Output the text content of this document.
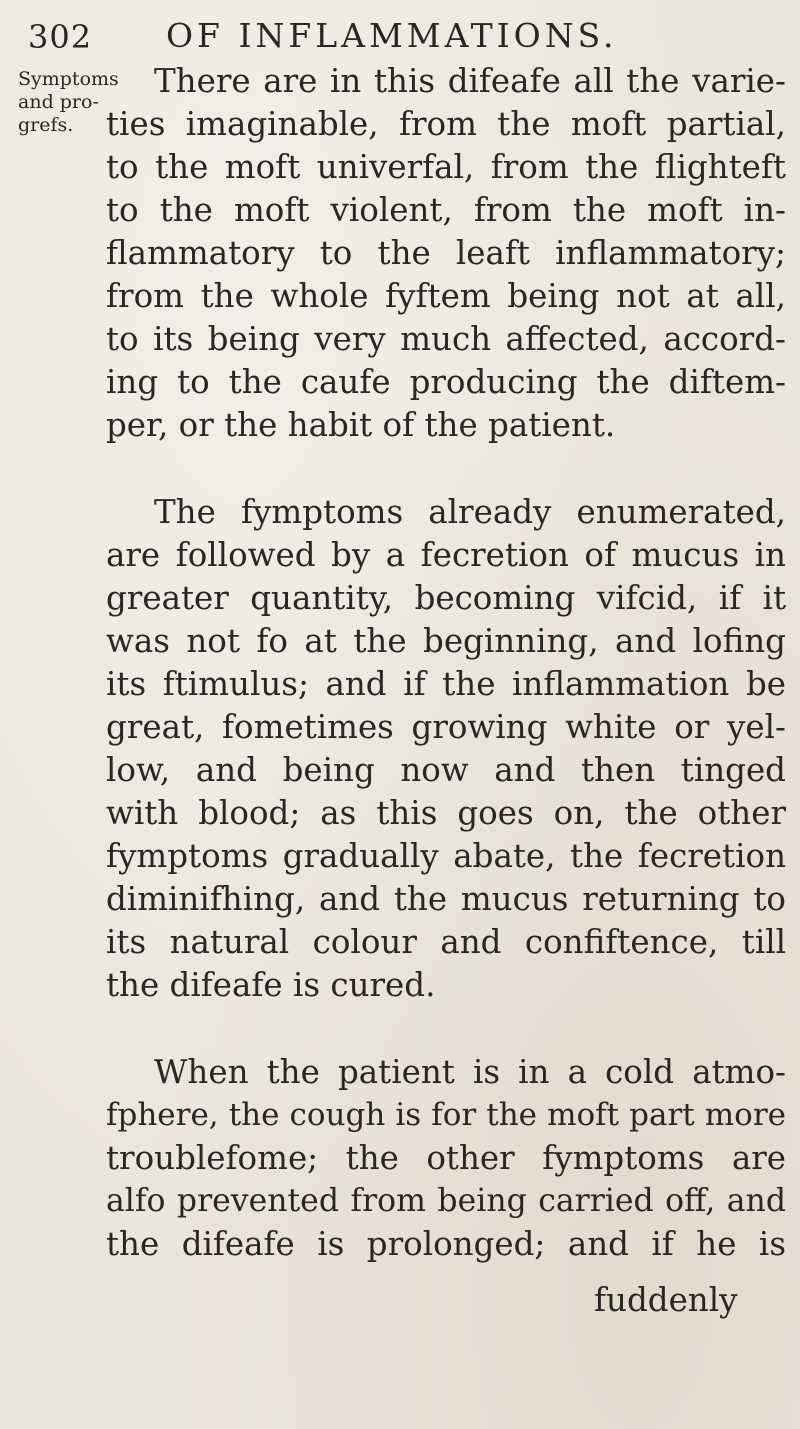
302 OF INFLAMMATIONS.
Symptoms
and pro-
grefs.
There are in this difeafe all the varie-
ties imaginable, from the moft partial,
to the moft univerfal, from the flighteft
to the moft violent, from the moft in-
flammatory to the leaft inflammatory;
from the whole fyftem being not at all,
to its being very much affected, accord-
ing to the caufe producing the diftem-
per, or the habit of the patient.
The fymptoms already enumerated,
are followed by a fecretion of mucus in
greater quantity, becoming vifcid, if it
was not fo at the beginning, and lofing
its ftimulus; and if the inflammation be
great, fometimes growing white or yel-
low, and being now and then tinged
with blood; as this goes on, the other
fymptoms gradually abate, the fecretion
diminifhing, and the mucus returning to
its natural colour and confiftence, till
the difeafe is cured.
When the patient is in a cold atmo-
fphere, the cough is for the moft part more
troublefome; the other fymptoms are
alfo prevented from being carried off, and
the difeafe is prolonged; and if he is
fuddenly
